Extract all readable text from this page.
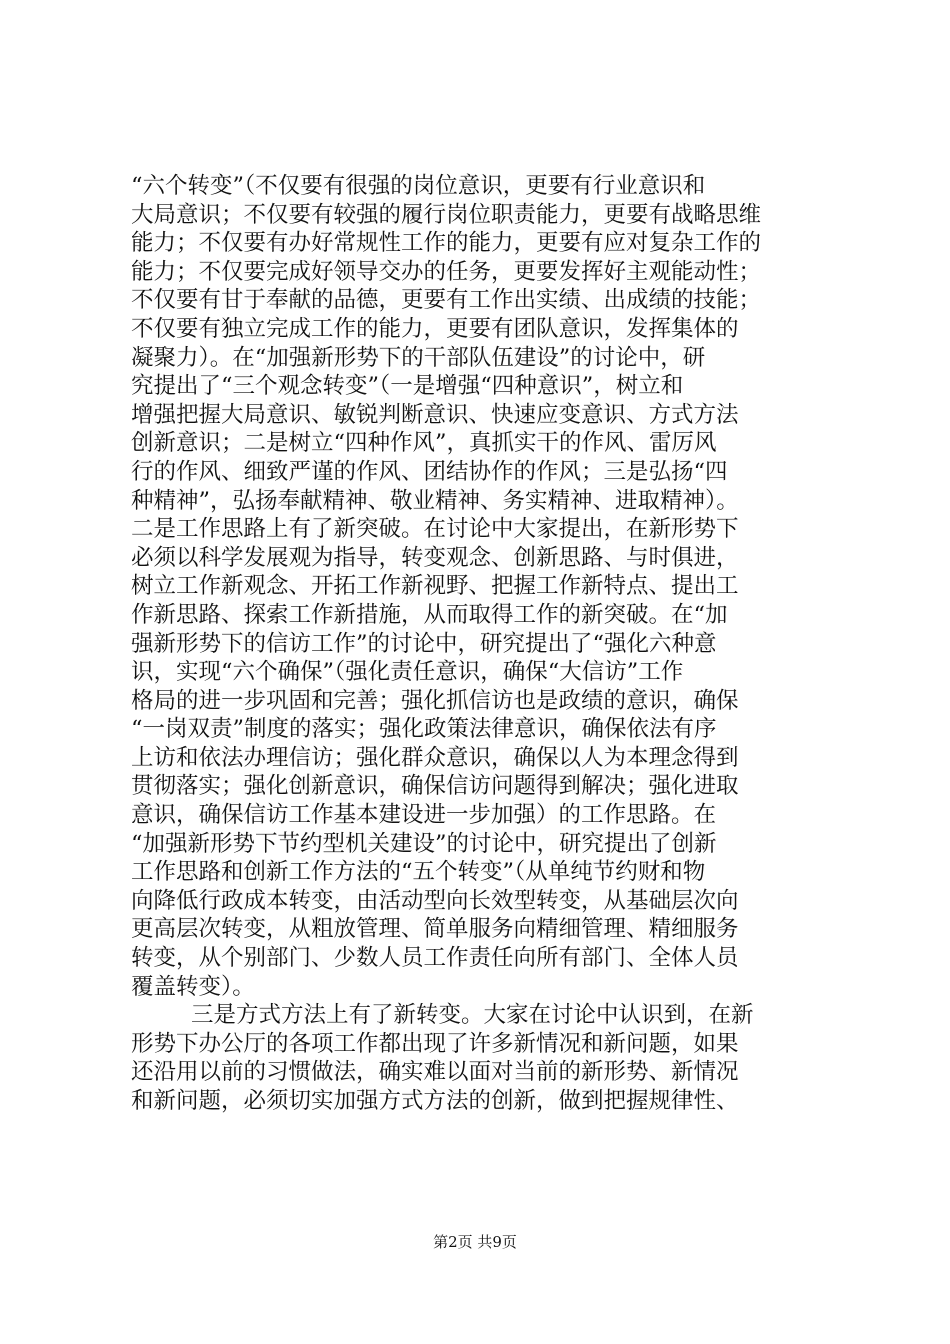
“六个转变”（不仅要有很强的岗位意识，更要有行业意识和
大局意识；不仅要有较强的履行岗位职责能力，更要有战略思维
能力；不仅要有办好常规性工作的能力，更要有应对复杂工作的
能力；不仅要完成好领导交办的任务，更要发挥好主观能动性；
不仅要有甘于奉献的品德，更要有工作出实绩、出成绩的技能；
不仅要有独立完成工作的能力，更要有团队意识，发挥集体的
凝聚力）。在“加强新形势下的干部队伍建设”的讨论中，研
究提出了“三个观念转变”（一是增强“四种意识”，树立和
增强把握大局意识、敏锐判断意识、快速应变意识、方式方法
创新意识；二是树立“四种作风”，真抓实干的作风、雷厉风
行的作风、细致严谨的作风、团结协作的作风；三是弘扬“四
种精神”，弘扬奉献精神、敬业精神、务实精神、进取精神）。
二是工作思路上有了新突破。在讨论中大家提出，在新形势下
必须以科学发展观为指导，转变观念、创新思路、与时俱进，
树立工作新观念、开拓工作新视野、把握工作新特点、提出工
作新思路、探索工作新措施，从而取得工作的新突破。在“加
强新形势下的信访工作”的讨论中，研究提出了“强化六种意
识，实现“六个确保”（强化责任意识，确保“大信访”工作
格局的进一步巩固和完善；强化抓信访也是政绩的意识，确保
“一岗双责”制度的落实；强化政策法律意识，确保依法有序
上访和依法办理信访；强化群众意识，确保以人为本理念得到
贯彻落实；强化创新意识，确保信访问题得到解决；强化进取
意识，确保信访工作基本建设进一步加强）的工作思路。在
“加强新形势下节约型机关建设”的讨论中，研究提出了创新
工作思路和创新工作方法的“五个转变”（从单纯节约财和物
向降低行政成本转变，由活动型向长效型转变，从基础层次向
更高层次转变，从粗放管理、简单服务向精细管理、精细服务
转变，从个别部门、少数人员工作责任向所有部门、全体人员
覆盖转变）。
三是方式方法上有了新转变。大家在讨论中认识到，在新
形势下办公厅的各项工作都出现了许多新情况和新问题，如果
还沿用以前的习惯做法，确实难以面对当前的新形势、新情况
和新问题，必须切实加强方式方法的创新，做到把握规律性、
第2页 共9页
